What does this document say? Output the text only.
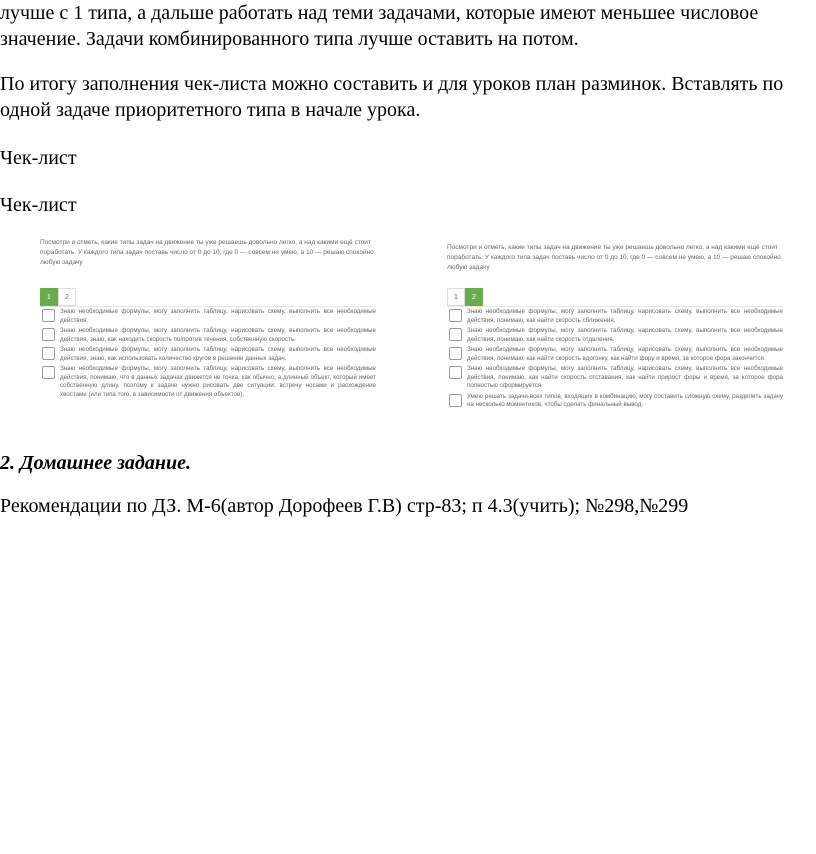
лучше с 1 типа, а дальше работать над теми задачами, которые имеют меньшее числовое значение. Задачи комбинированного типа лучше оставить на потом.

По итогу заполнения чек-листа можно составить и для уроков план разминок. Вставлять по одной задаче приоритетного типа в начале урока.

Чек-лист

Чек-лист

Посмотри и отметь, какие типы задач на движение ты уже решаешь довольно легко, а над какими ещё стоит поработать. У каждого типа задач поставь число от 0 до 10, где 0 — совсем не умею, а 10 — решаю спокойно любую задачу

1	2
Знаю необходимые формулы, могу заполнить таблицу, нарисовать схему, выполнить все необходимые действия.
Знаю необходимые формулы, могу заполнить таблицу, нарисовать схему, выполнить все необходимые действия, знаю, как находить скорость по/против течения, собственную скорость.
Знаю необходимые формулы, могу заполнить таблицу, нарисовать схему, выполнить все необходимые действия, знаю, как использовать количество кругов в решении данных задач.
Знаю необходимые формулы, могу заполнить таблицу, нарисовать схему, выполнить все необходимые действия, понимаю, что в данных задачах движется не точка, как обычно, а длинный объект, который имеет собственную длину, поэтому к задаче нужно рисовать две ситуации: встречу носами и расхождение хвостами (или типа того, в зависимости от движения объектов).

Посмотри и отметь, какие типы задач на движение ты уже решаешь довольно легко, а над какими ещё стоит поработать. У каждого типа задач поставь число от 0 до 10, где 0 — совсем не умею, а 10 — решаю спокойно любую задачу

1	2
Знаю необходимые формулы, могу заполнить таблицу, нарисовать схему, выполнить все необходимые действия, понимаю, как найти скорость сближения.
Знаю необходимые формулы, могу заполнить таблицу, нарисовать схему, выполнить все необходимые действия, понимаю, как найти скорость отдаления.
Знаю необходимые формулы, могу заполнить таблицу, нарисовать схему, выполнить все необходимые действия, понимаю, как найти скорость вдогонку, как найти фору и время, за которое фора закончится.
Знаю необходимые формулы, могу заполнить таблицу, нарисовать схему, выполнить все необходимые действия, понимаю, как найти скорость отставания, как найти прирост форы и время, за которое фора полностью сформируется.
Умею решать задачи всех типов, входящих в комбинацию, могу составить сложную схему, разделить задачу на несколько моментиков, чтобы сделать финальный вывод.

2. Домашнее задание.

Рекомендации по ДЗ. М-6(автор Дорофеев Г.В) стр-83; п 4.3(учить); №298,№299
